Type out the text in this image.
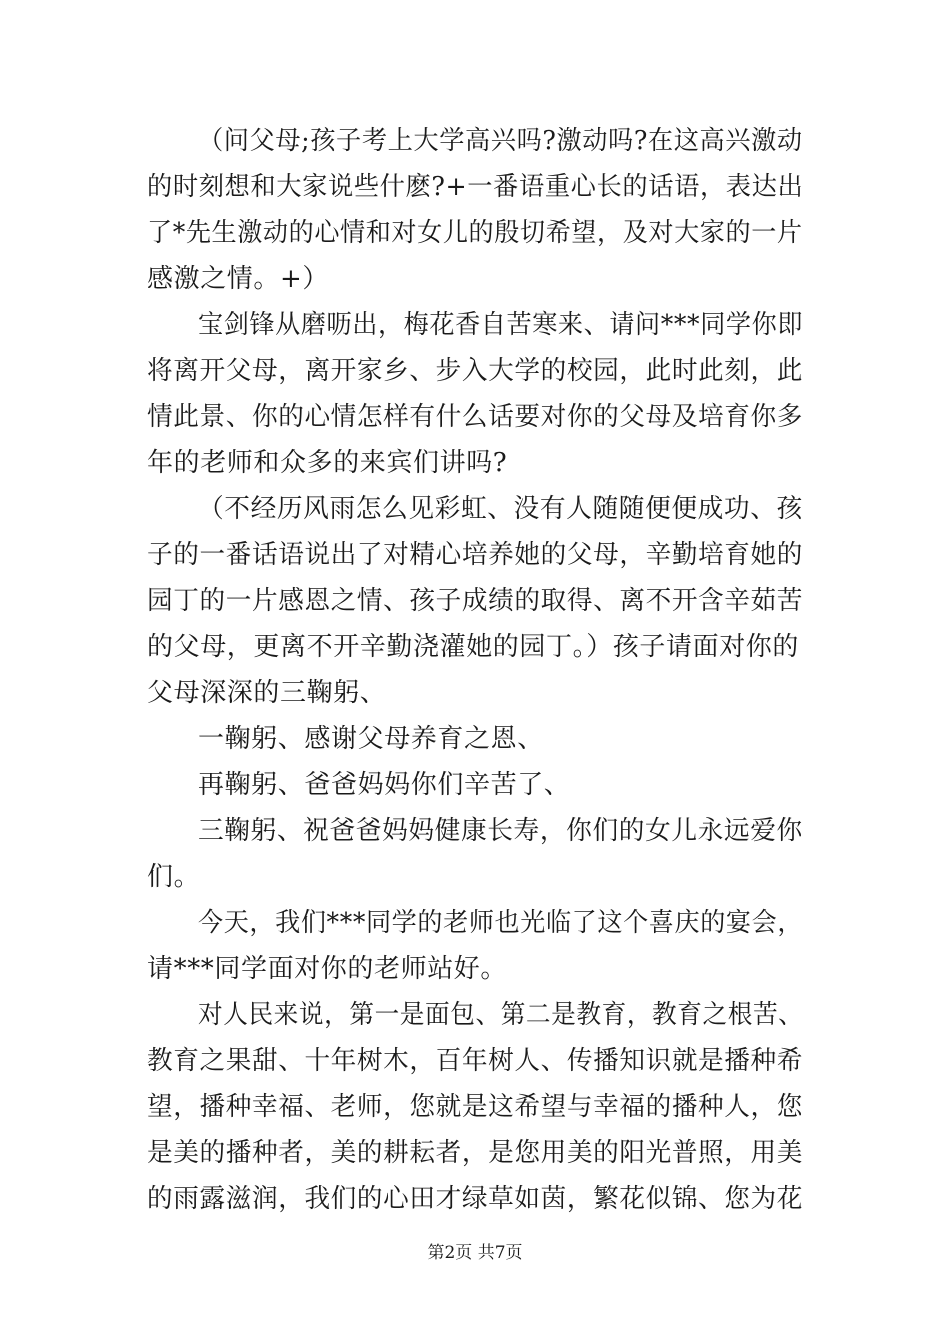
（问父母;孩子考上大学高兴吗?激动吗?在这高兴激动
的时刻想和大家说些什麽?+一番语重心长的话语，表达出
了*先生激动的心情和对女儿的殷切希望，及对大家的一片
感激之情。+）
宝剑锋从磨呖出，梅花香自苦寒来、请问***同学你即
将离开父母，离开家乡、步入大学的校园，此时此刻，此
情此景、你的心情怎样有什么话要对你的父母及培育你多
年的老师和众多的来宾们讲吗?
（不经历风雨怎么见彩虹、没有人随随便便成功、孩
子的一番话语说出了对精心培养她的父母，辛勤培育她的
园丁的一片感恩之情、孩子成绩的取得、离不开含辛茹苦
的父母，更离不开辛勤浇灌她的园丁。）孩子请面对你的
父母深深的三鞠躬、
一鞠躬、感谢父母养育之恩、
再鞠躬、爸爸妈妈你们辛苦了、
三鞠躬、祝爸爸妈妈健康长寿，你们的女儿永远爱你
们。
今天，我们***同学的老师也光临了这个喜庆的宴会，
请***同学面对你的老师站好。
对人民来说，第一是面包、第二是教育，教育之根苦、
教育之果甜、十年树木，百年树人、传播知识就是播种希
望，播种幸福、老师，您就是这希望与幸福的播种人，您
是美的播种者，美的耕耘者，是您用美的阳光普照，用美
的雨露滋润，我们的心田才绿草如茵，繁花似锦、您为花
第2页 共7页
